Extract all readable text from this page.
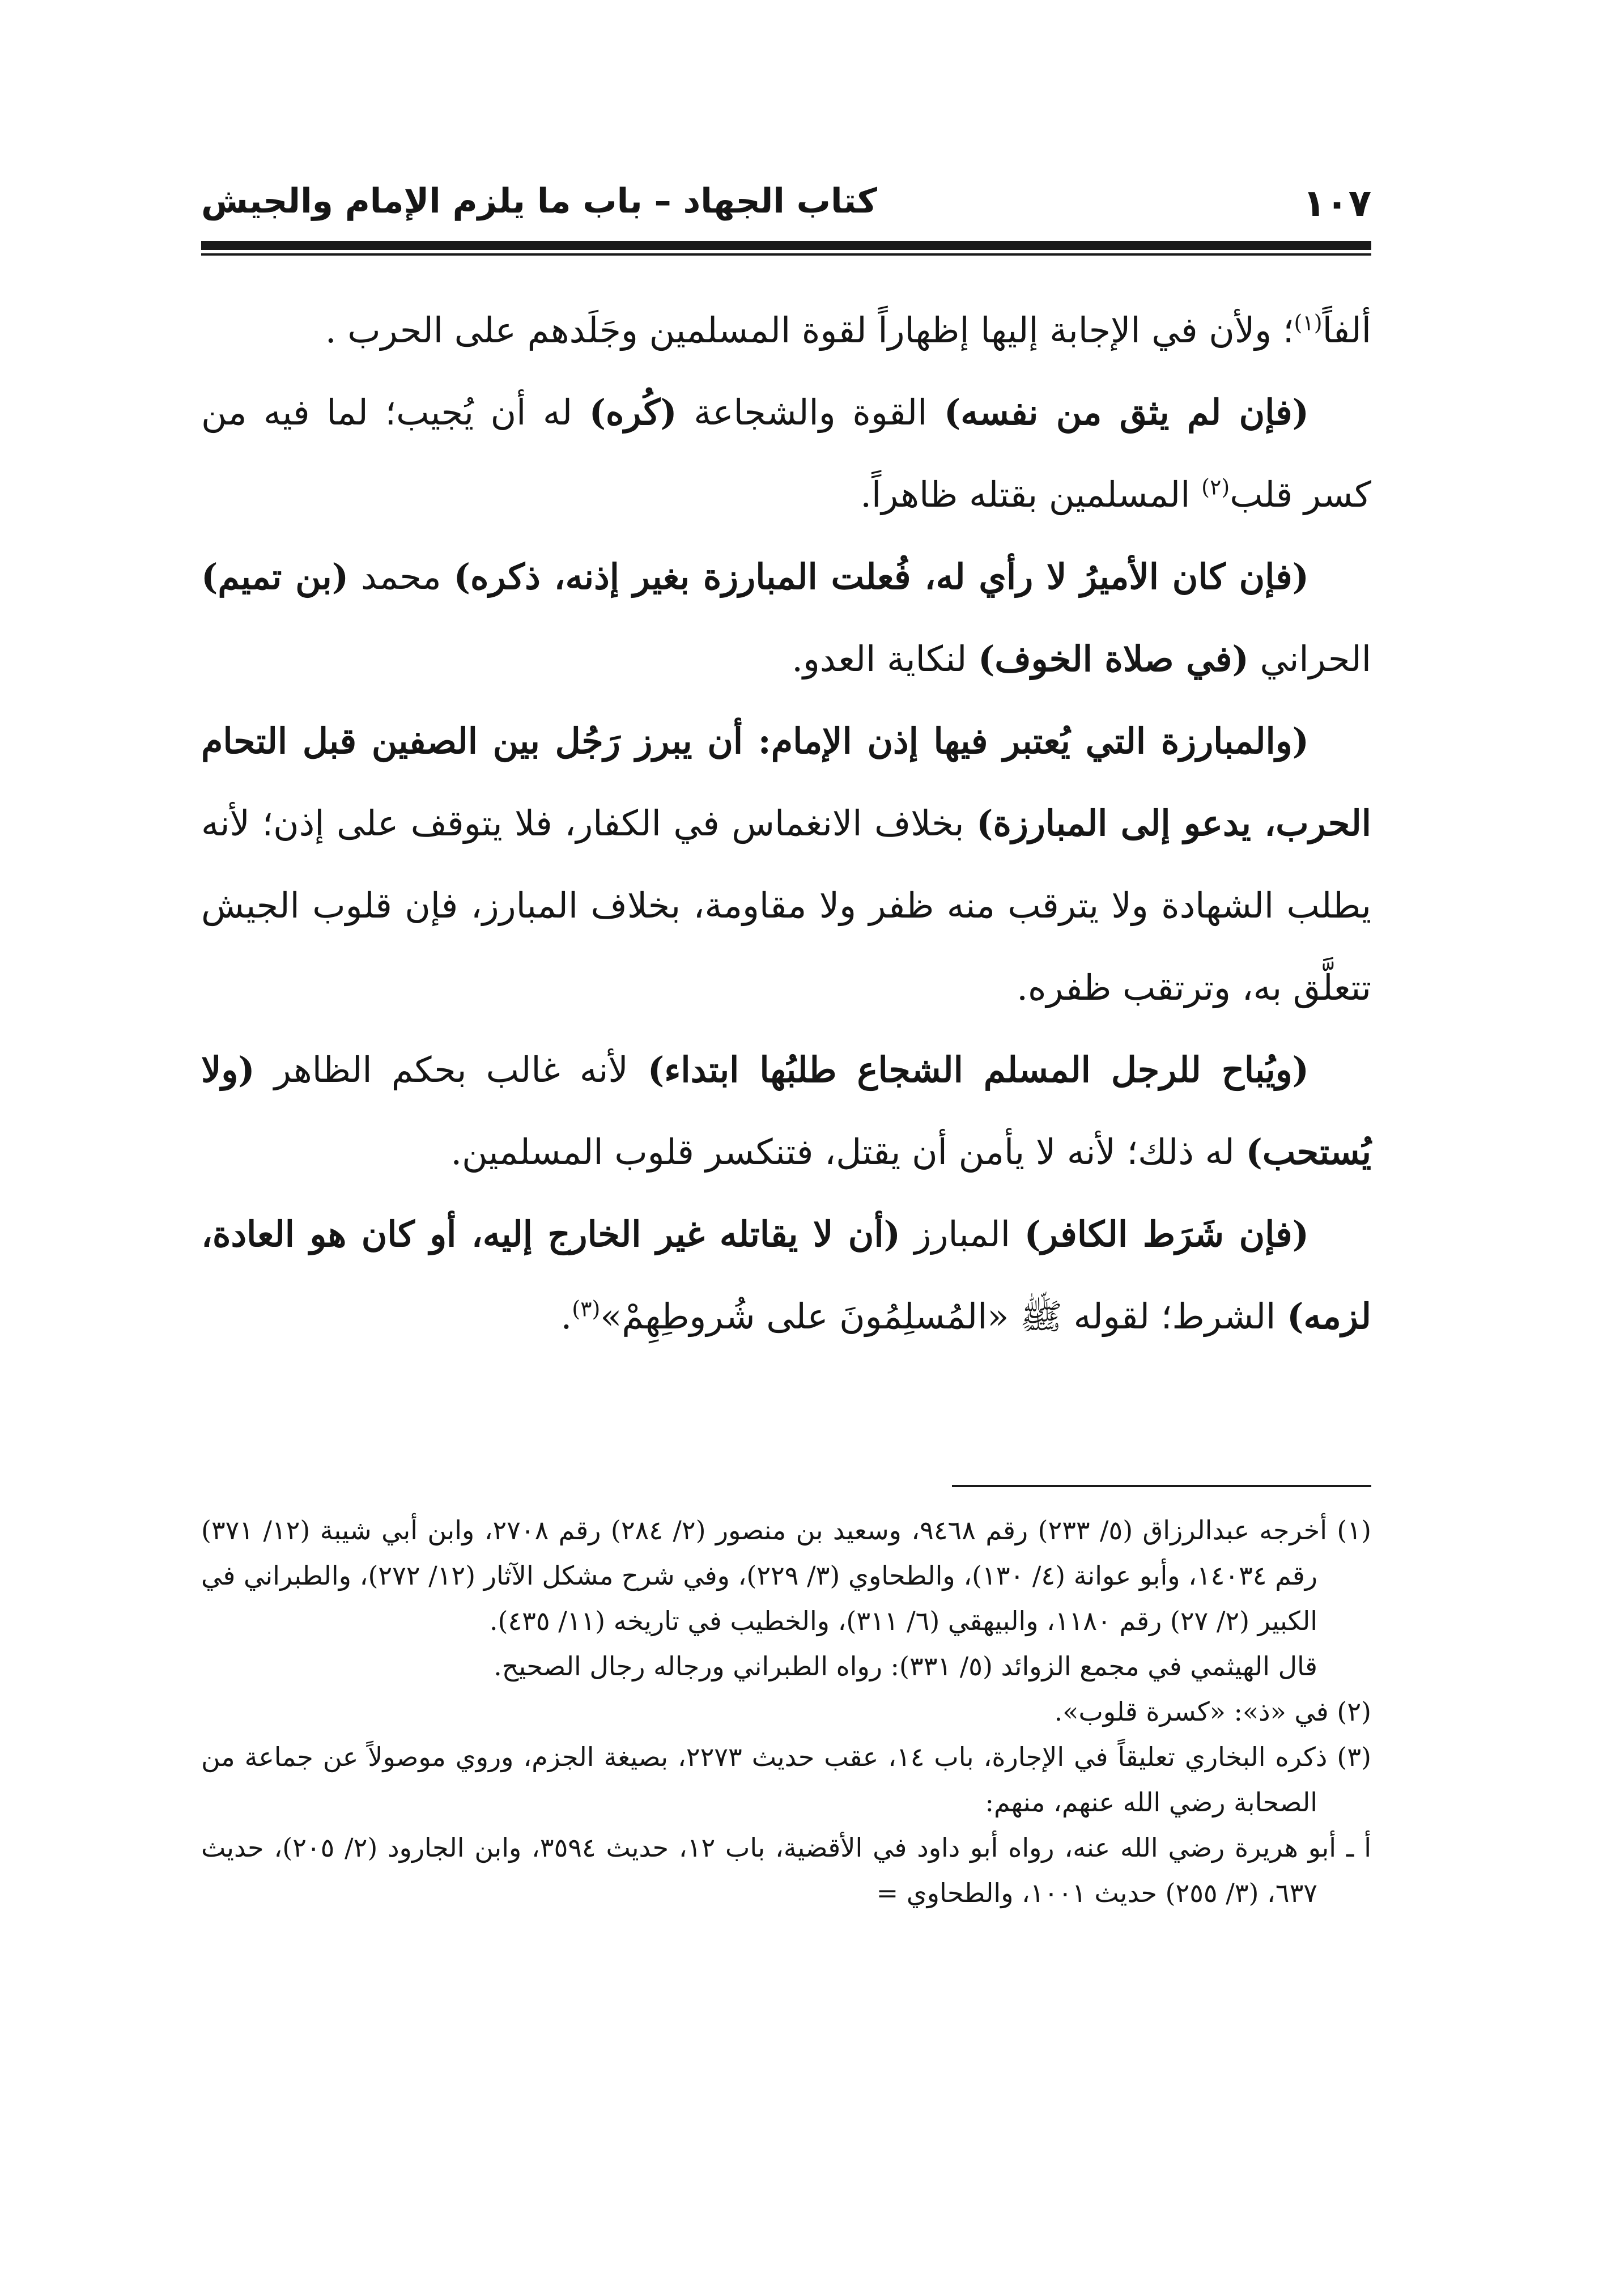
١٠٧
كتاب الجهاد – باب ما يلزم الإمام والجيش

ألفاً$^{(١)}$؛ ولأن في الإجابة إليها إظهاراً لقوة المسلمين وجَلَدهم على الحرب .

(فإن لم يثق من نفسه) القوة والشجاعة (كُره) له أن يُجيب؛ لما فيه من كسر قلب$^{(٢)}$ المسلمين بقتله ظاهراً.

(فإن كان الأميرُ لا رأي له، فُعلت المبارزة بغير إذنه، ذكره) محمد (بن تميم) الحراني (في صلاة الخوف) لنكاية العدو.

(والمبارزة التي يُعتبر فيها إذن الإمام: أن يبرز رَجُل بين الصفين قبل التحام الحرب، يدعو إلى المبارزة) بخلاف الانغماس في الكفار، فلا يتوقف على إذن؛ لأنه يطلب الشهادة ولا يترقب منه ظفر ولا مقاومة، بخلاف المبارز، فإن قلوب الجيش تتعلَّق به، وترتقب ظفره.

(ويُباح للرجل المسلم الشجاع طلبُها ابتداء) لأنه غالب بحكم الظاهر (ولا يُستحب) له ذلك؛ لأنه لا يأمن أن يقتل، فتنكسر قلوب المسلمين.

(فإن شَرَط الكافر) المبارز (أن لا يقاتله غير الخارج إليه، أو كان هو العادة، لزمه) الشرط؛ لقوله ﷺ «المُسلِمُونَ على شُروطِهِمْ»$^{(٣)}$.

(١) أخرجه عبدالرزاق (٥/ ٢٣٣) رقم ٩٤٦٨، وسعيد بن منصور (٢/ ٢٨٤) رقم ٢٧٠٨، وابن أبي شيبة (١٢/ ٣٧١) رقم ١٤٠٣٤، وأبو عوانة (٤/ ١٣٠)، والطحاوي (٣/ ٢٢٩)، وفي شرح مشكل الآثار (١٢/ ٢٧٢)، والطبراني في الكبير (٢/ ٢٧) رقم ١١٨٠، والبيهقي (٦/ ٣١١)، والخطيب في تاريخه (١١/ ٤٣٥).

قال الهيثمي في مجمع الزوائد (٥/ ٣٣١): رواه الطبراني ورجاله رجال الصحيح.

(٢) في «ذ»: «كسرة قلوب».

(٣) ذكره البخاري تعليقاً في الإجارة، باب ١٤، عقب حديث ٢٢٧٣، بصيغة الجزم، وروي موصولاً عن جماعة من الصحابة رضي الله عنهم، منهم:

أ ـ أبو هريرة رضي الله عنه، رواه أبو داود في الأقضية، باب ١٢، حديث ٣٥٩٤، وابن الجارود (٢/ ٢٠٥)، حديث ٦٣٧، (٣/ ٢٥٥) حديث ١٠٠١، والطحاوي =
